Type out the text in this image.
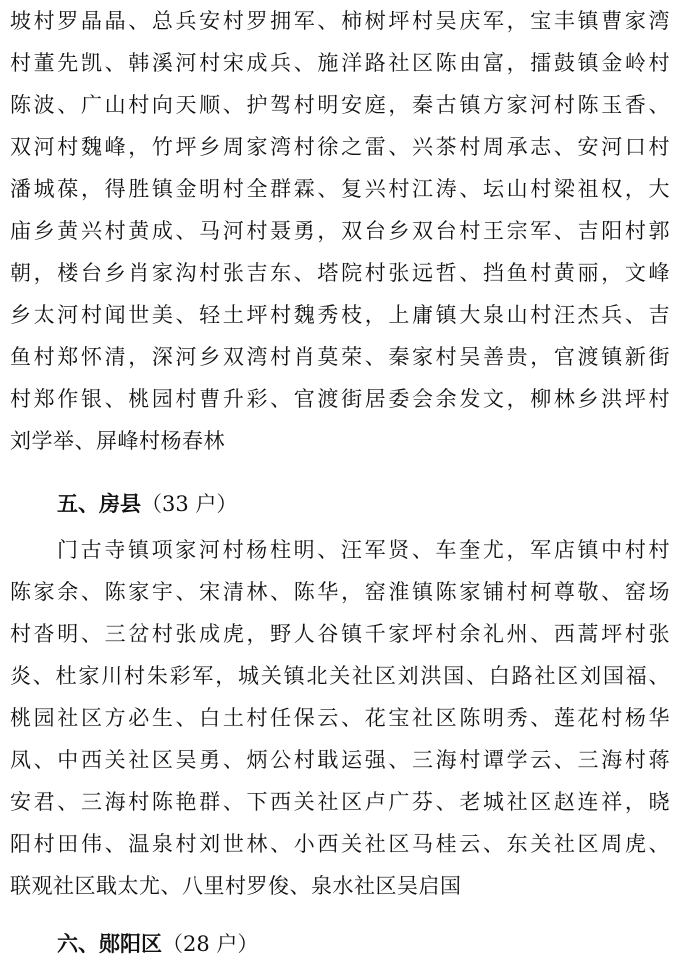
坡村罗晶晶、总兵安村罗拥军、柿树坪村吴庆军，宝丰镇曹家湾
村董先凯、韩溪河村宋成兵、施洋路社区陈由富，擂鼓镇金岭村
陈波、广山村向天顺、护驾村明安庭，秦古镇方家河村陈玉香、
双河村魏峰，竹坪乡周家湾村徐之雷、兴茶村周承志、安河口村
潘城葆，得胜镇金明村全群霖、复兴村江涛、坛山村梁祖权，大
庙乡黄兴村黄成、马河村聂勇，双台乡双台村王宗军、吉阳村郭
朝，楼台乡肖家沟村张吉东、塔院村张远哲、挡鱼村黄丽，文峰
乡太河村闻世美、轻土坪村魏秀枝，上庸镇大泉山村汪杰兵、吉
鱼村郑怀清，深河乡双湾村肖莫荣、秦家村吴善贵，官渡镇新街
村郑作银、桃园村曹升彩、官渡街居委会余发文，柳林乡洪坪村
刘学举、屏峰村杨春林
五、房县（33 户）
门古寺镇项家河村杨柱明、汪军贤、车奎尤，军店镇中村村
陈家余、陈家宇、宋清林、陈华，窑淮镇陈家铺村柯尊敬、窑场
村沓明、三岔村张成虎，野人谷镇千家坪村余礼州、西蒿坪村张
炎、杜家川村朱彩军，城关镇北关社区刘洪国、白路社区刘国福、
桃园社区方必生、白土村任保云、花宝社区陈明秀、莲花村杨华
凤、中西关社区吴勇、炳公村戢运强、三海村谭学云、三海村蒋
安君、三海村陈艳群、下西关社区卢广芬、老城社区赵连祥，晓
阳村田伟、温泉村刘世林、小西关社区马桂云、东关社区周虎、
联观社区戢太尤、八里村罗俊、泉水社区吴启国
六、郧阳区（28 户）
